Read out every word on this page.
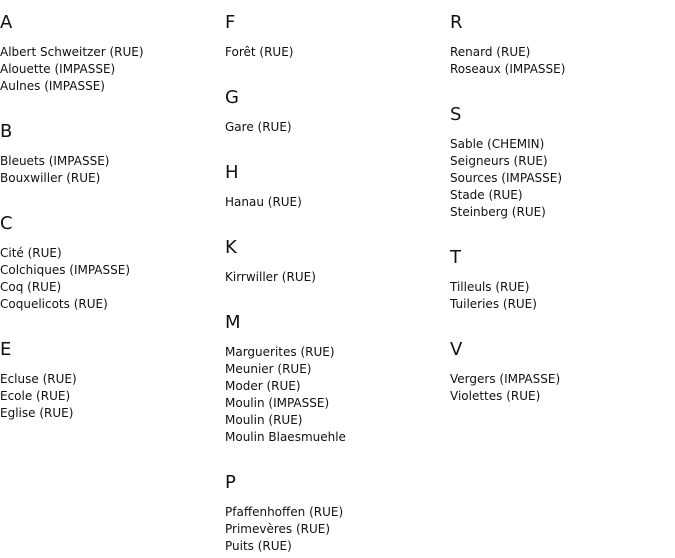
A
Albert Schweitzer (RUE)
Alouette (IMPASSE)
Aulnes (IMPASSE)
B
Bleuets (IMPASSE)
Bouxwiller (RUE)
C
Cité (RUE)
Colchiques (IMPASSE)
Coq (RUE)
Coquelicots (RUE)
E
Ecluse (RUE)
Ecole (RUE)
Eglise (RUE)
F
Forêt (RUE)
G
Gare (RUE)
H
Hanau (RUE)
K
Kirrwiller (RUE)
M
Marguerites (RUE)
Meunier (RUE)
Moder (RUE)
Moulin (IMPASSE)
Moulin (RUE)
Moulin Blaesmuehle
P
Pfaffenhoffen (RUE)
Primevères (RUE)
Puits (RUE)
R
Renard (RUE)
Roseaux (IMPASSE)
S
Sable (CHEMIN)
Seigneurs (RUE)
Sources (IMPASSE)
Stade (RUE)
Steinberg (RUE)
T
Tilleuls (RUE)
Tuileries (RUE)
V
Vergers (IMPASSE)
Violettes (RUE)
